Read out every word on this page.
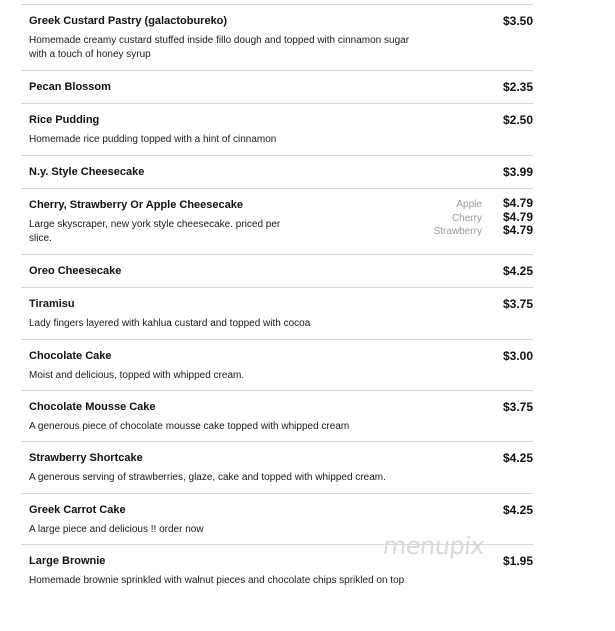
Greek Custard Pastry (galactobureko)
Homemade creamy custard stuffed inside fillo dough and topped with cinnamon sugar with a touch of honey syrup
$3.50
Pecan Blossom	$2.35
Rice Pudding
Homemade rice pudding topped with a hint of cinnamon
$2.50
N.y. Style Cheesecake	$3.99
Cherry, Strawberry Or Apple Cheesecake
Large skyscraper, new york style cheesecake. priced per slice.
Apple $4.79
Cherry $4.79
Strawberry $4.79
Oreo Cheesecake	$4.25
Tiramisu
Lady fingers layered with kahlua custard and topped with cocoa
$3.75
Chocolate Cake
Moist and delicious, topped with whipped cream.
$3.00
Chocolate Mousse Cake
A generous piece of chocolate mousse cake topped with whipped cream
$3.75
Strawberry Shortcake
A generous serving of strawberries, glaze, cake and topped with whipped cream.
$4.25
Greek Carrot Cake
A large piece and delicious !! order now
$4.25
Large Brownie
Homemade brownie sprinkled with walnut pieces and chocolate chips sprikled on top
$1.95
menupix
